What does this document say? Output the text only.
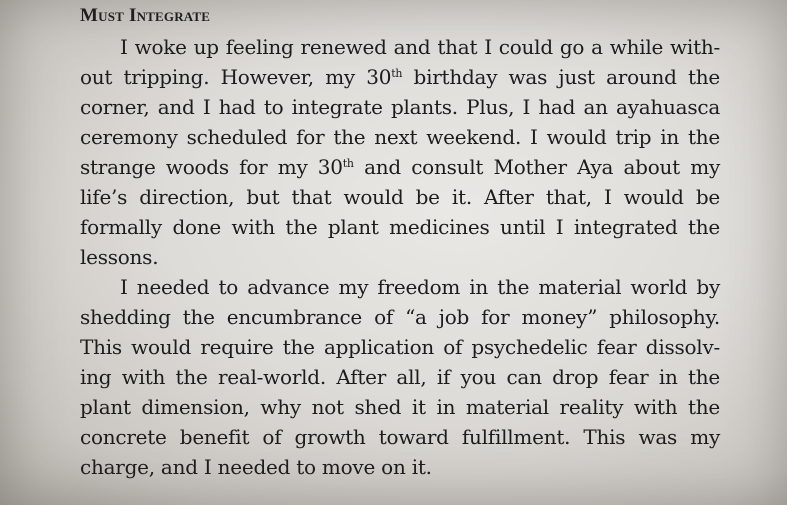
Must Integrate

I woke up feeling renewed and that I could go a while with-
out tripping. However, my 30th birthday was just around the
corner, and I had to integrate plants. Plus, I had an ayahuasca
ceremony scheduled for the next weekend. I would trip in the
strange woods for my 30th and consult Mother Aya about my
life’s direction, but that would be it. After that, I would be
formally done with the plant medicines until I integrated the
lessons.

I needed to advance my freedom in the material world by
shedding the encumbrance of “a job for money” philosophy.
This would require the application of psychedelic fear dissolv-
ing with the real-world. After all, if you can drop fear in the
plant dimension, why not shed it in material reality with the
concrete benefit of growth toward fulfillment. This was my
charge, and I needed to move on it.
